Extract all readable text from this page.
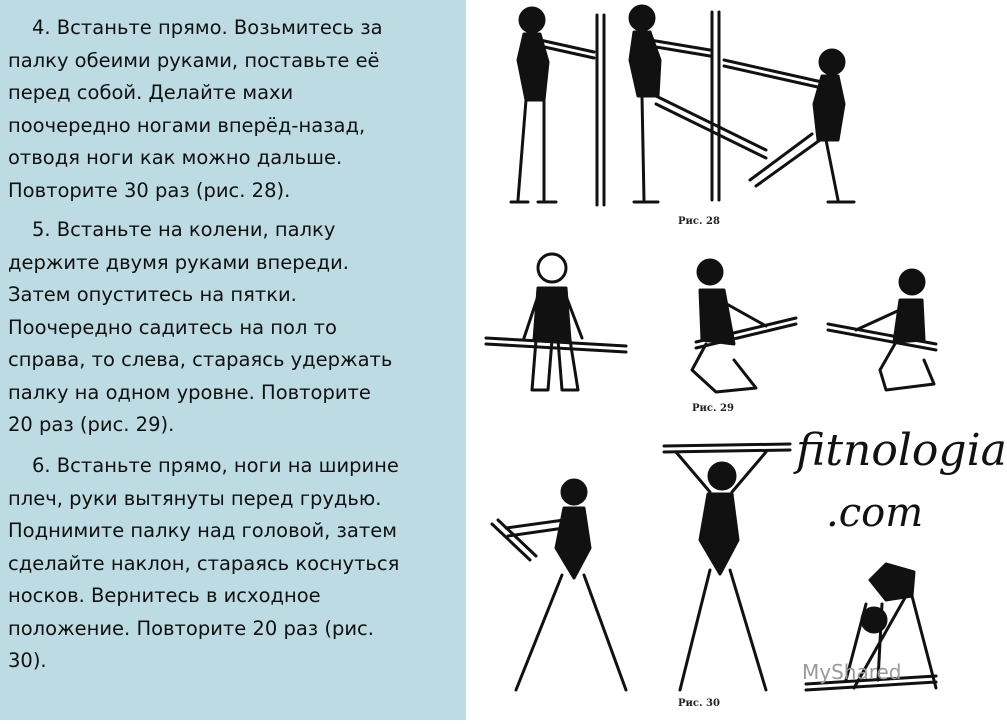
4. Встаньте прямо. Возьмитесь за
палку обеими руками, поставьте её
перед собой. Делайте махи
поочередно ногами вперёд-назад,
отводя ноги как можно дальше.
Повторите 30 раз (рис. 28).

5. Встаньте на колени, палку
держите двумя руками впереди.
Затем опуститесь на пятки.
Поочередно садитесь на пол то
справа, то слева, стараясь удержать
палку на одном уровне. Повторите
20 раз (рис. 29).

6. Встаньте прямо, ноги на ширине
плеч, руки вытянуты перед грудью.
Поднимите палку над головой, затем
сделайте наклон, стараясь коснуться
носков. Вернитесь в исходное
положение. Повторите 20 раз (рис.
30).

Рис. 28
Рис. 29
Рис. 30
fitnologia
.com
MyShared
